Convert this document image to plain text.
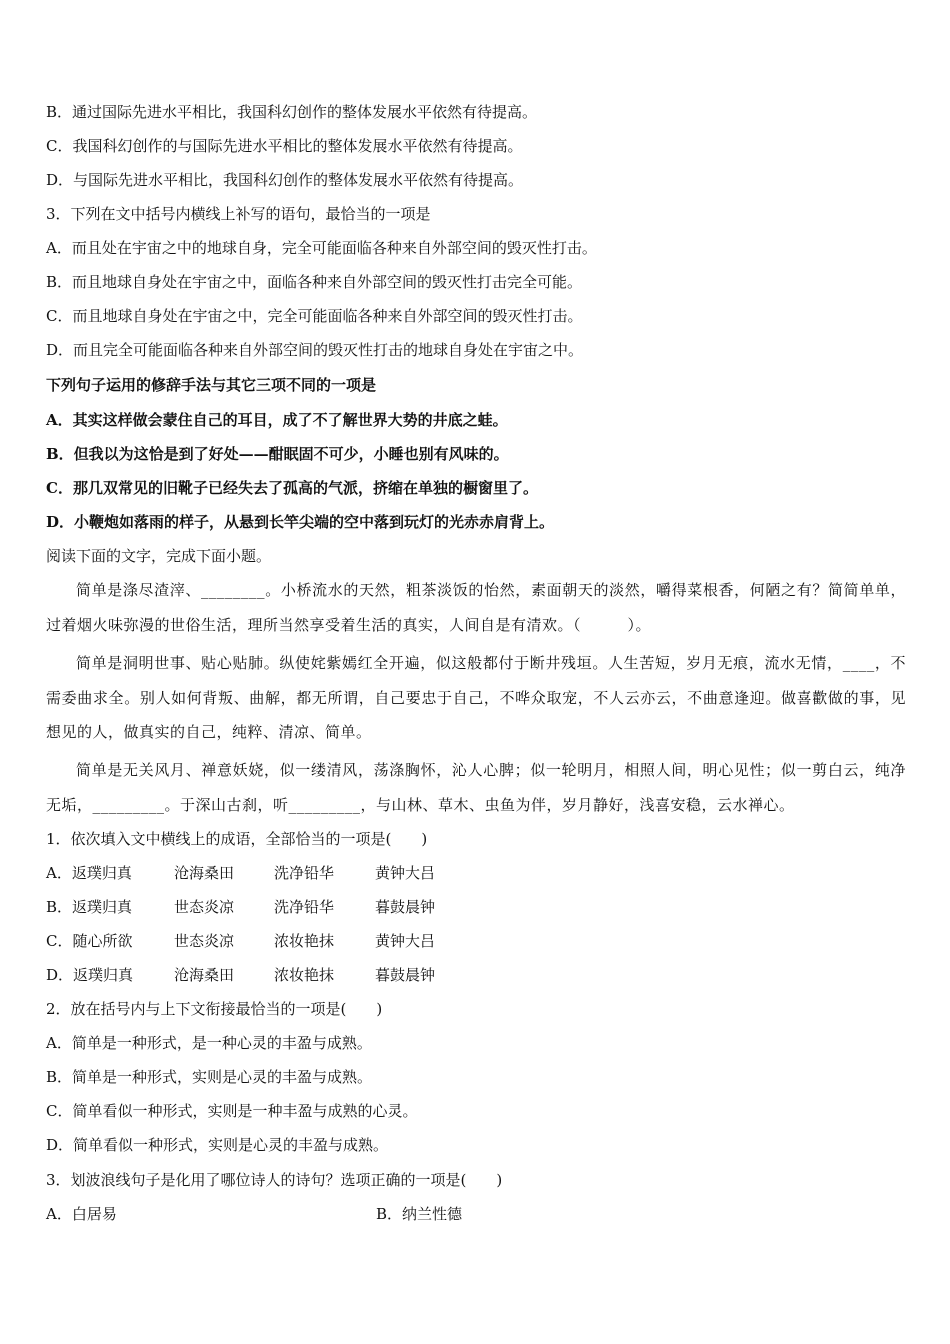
B．通过国际先进水平相比，我国科幻创作的整体发展水平依然有待提高。
C．我国科幻创作的与国际先进水平相比的整体发展水平依然有待提高。
D．与国际先进水平相比，我国科幻创作的整体发展水平依然有待提高。
3．下列在文中括号内横线上补写的语句，最恰当的一项是
A．而且处在宇宙之中的地球自身，完全可能面临各种来自外部空间的毁灭性打击。
B．而且地球自身处在宇宙之中，面临各种来自外部空间的毁灭性打击完全可能。
C．而且地球自身处在宇宙之中，完全可能面临各种来自外部空间的毁灭性打击。
D．而且完全可能面临各种来自外部空间的毁灭性打击的地球自身处在宇宙之中。
下列句子运用的修辞手法与其它三项不同的一项是
A．其实这样做会蒙住自己的耳目，成了不了解世界大势的井底之蛙。
B．但我以为这恰是到了好处——酣眠固不可少，小睡也别有风味的。
C．那几双常见的旧靴子已经失去了孤高的气派，挤缩在单独的橱窗里了。
D．小鞭炮如落雨的样子，从悬到长竿尖端的空中落到玩灯的光赤赤肩背上。
阅读下面的文字，完成下面小题。
简单是涤尽渣滓、________。小桥流水的天然，粗茶淡饭的怡然，素面朝天的淡然，嚼得菜根香，何陋之有？简简单单，过着烟火味弥漫的世俗生活，理所当然享受着生活的真实，人间自是有清欢。（　　　）。
简单是洞明世事、贴心贴肺。纵使姹紫嫣红全开遍，似这般都付于断井残垣。人生苦短，岁月无痕，流水无情，____，不需委曲求全。别人如何背叛、曲解，都无所谓，自己要忠于自己，不哗众取宠，不人云亦云，不曲意逢迎。做喜歡做的事，见想见的人，做真实的自己，纯粹、清凉、简单。
简单是无关风月、禅意妖娆，似一缕清风，荡涤胸怀，沁人心脾；似一轮明月，相照人间，明心见性；似一剪白云，纯净无垢，_________。于深山古刹，听_________，与山林、草木、虫鱼为伴，岁月静好，浅喜安稳，云水禅心。
1．依次填入文中横线上的成语，全部恰当的一项是(　　)
A．返璞归真	沧海桑田	洗净铅华	黄钟大吕
B．返璞归真	世态炎凉	洗净铅华	暮鼓晨钟
C．随心所欲	世态炎凉	浓妆艳抹	黄钟大吕
D．返璞归真	沧海桑田	浓妆艳抹	暮鼓晨钟
2．放在括号内与上下文衔接最恰当的一项是(　　)
A．简单是一种形式，是一种心灵的丰盈与成熟。
B．简单是一种形式，实则是心灵的丰盈与成熟。
C．简单看似一种形式，实则是一种丰盈与成熟的心灵。
D．简单看似一种形式，实则是心灵的丰盈与成熟。
3．划波浪线句子是化用了哪位诗人的诗句？选项正确的一项是(　　)
A．白居易	B．纳兰性德
